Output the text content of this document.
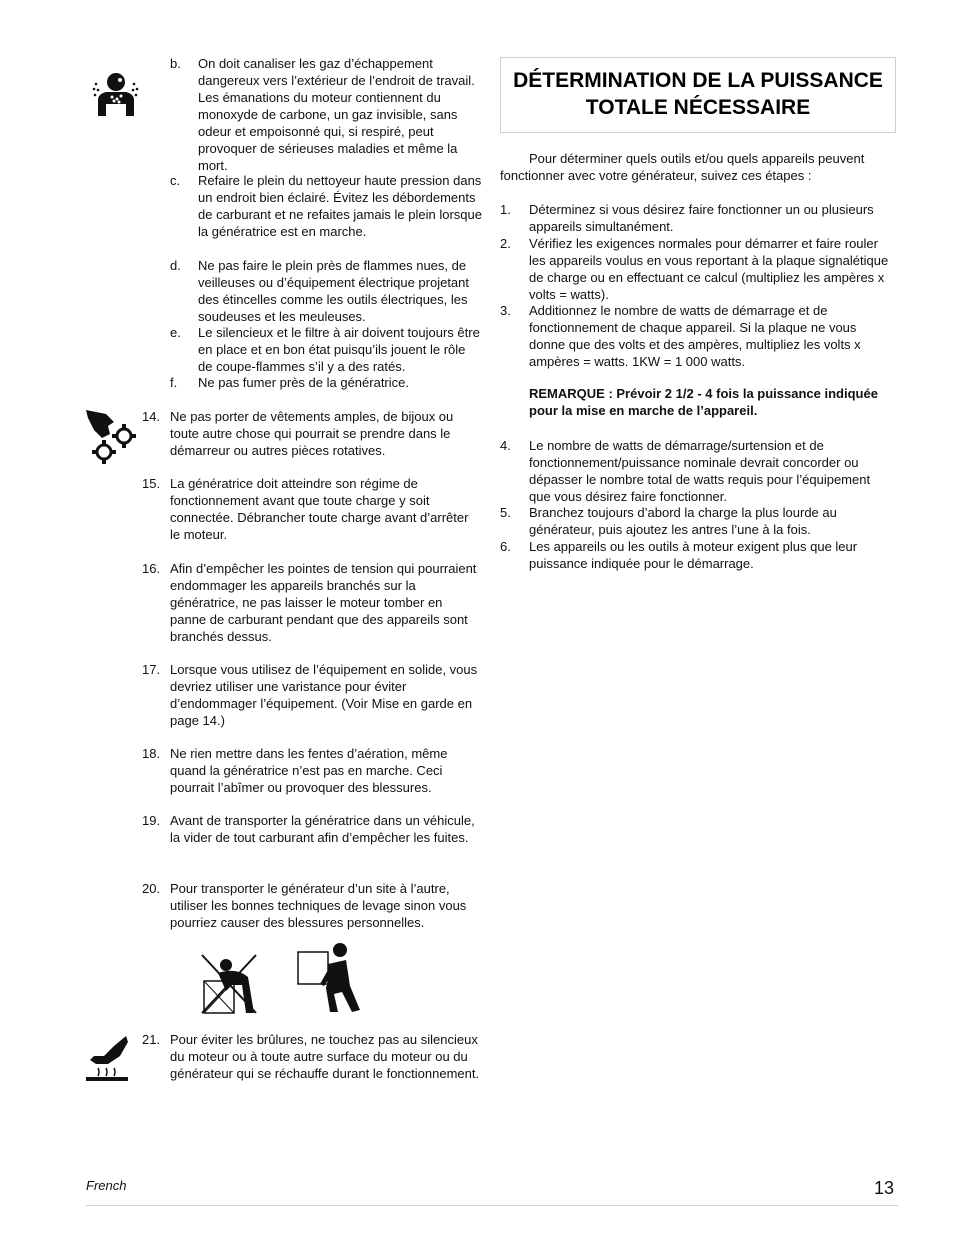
b. On doit canaliser les gaz d’échappement dangereux vers l’extérieur de l’endroit de travail. Les émanations du moteur contiennent du monoxyde de carbone, un gaz invisible, sans odeur et empoisonné qui, si respiré, peut provoquer de sérieuses maladies et même la mort.
c. Refaire le plein du nettoyeur haute pression dans un endroit bien éclairé. Évitez les débordements de carburant et ne refaites jamais le plein lorsque la génératrice est en marche.
d. Ne pas faire le plein près de flammes nues, de veilleuses ou d’équipement électrique projetant des étincelles comme les outils électriques, les soudeuses et les meuleuses.
e. Le silencieux et le filtre à air doivent toujours être en place et en bon état puisqu’ils jouent le rôle de coupe-flammes s’il y a des ratés.
f. Ne pas fumer près de la génératrice.
14. Ne pas porter de vêtements amples, de bijoux ou toute autre chose qui pourrait se prendre dans le démarreur ou autres pièces rotatives.
15. La génératrice doit atteindre son régime de fonctionnement avant que toute charge y soit connectée. Débrancher toute charge avant d’arrêter le moteur.
16. Afin d’empêcher les pointes de tension qui pourraient endommager les appareils branchés sur la génératrice, ne pas laisser le moteur tomber en panne de carburant pendant que des appareils sont branchés dessus.
17. Lorsque vous utilisez de l’équipement en solide, vous devriez utiliser une varistance pour éviter d’endommager l’équipement. (Voir Mise en garde en page 14.)
18. Ne rien mettre dans les fentes d’aération, même quand la génératrice n’est pas en marche. Ceci pourrait l’abîmer ou provoquer des blessures.
19. Avant de transporter la génératrice dans un véhicule, la vider de tout carburant afin d’empêcher les fuites.
20. Pour transporter le générateur d’un site à l’autre, utiliser les bonnes techniques de levage sinon vous pourriez causer des blessures personnelles.
21. Pour éviter les brûlures, ne touchez pas au silencieux du moteur ou à toute autre surface du moteur ou du générateur qui se réchauffe durant le fonctionnement.
DÉTERMINATION DE LA PUISSANCE TOTALE NÉCESSAIRE
Pour déterminer quels outils et/ou quels appareils peuvent fonctionner avec votre générateur, suivez ces étapes :
1. Déterminez si vous désirez faire fonctionner un ou plusieurs appareils simultanément.
2. Vérifiez les exigences normales pour démarrer et faire rouler les appareils voulus en vous reportant à la plaque signalétique de charge ou en effectuant ce calcul (multipliez les ampères x volts = watts).
3. Additionnez le nombre de watts de démarrage et de fonctionnement de chaque appareil. Si la plaque ne vous donne que des volts et des ampères, multipliez les volts x ampères = watts. 1KW = 1 000 watts.
REMARQUE : Prévoir 2 1/2 - 4 fois la puissance indiquée pour la mise en marche de l’appareil.
4. Le nombre de watts de démarrage/surtension et de fonctionnement/puissance nominale devrait concorder ou dépasser le nombre total de watts requis pour l’équipement que vous désirez faire fonctionner.
5. Branchez toujours d’abord la charge la plus lourde au générateur, puis ajoutez les antres l’une à la fois.
6. Les appareils ou les outils à moteur exigent plus que leur puissance indiquée pour le démarrage.
French	13
